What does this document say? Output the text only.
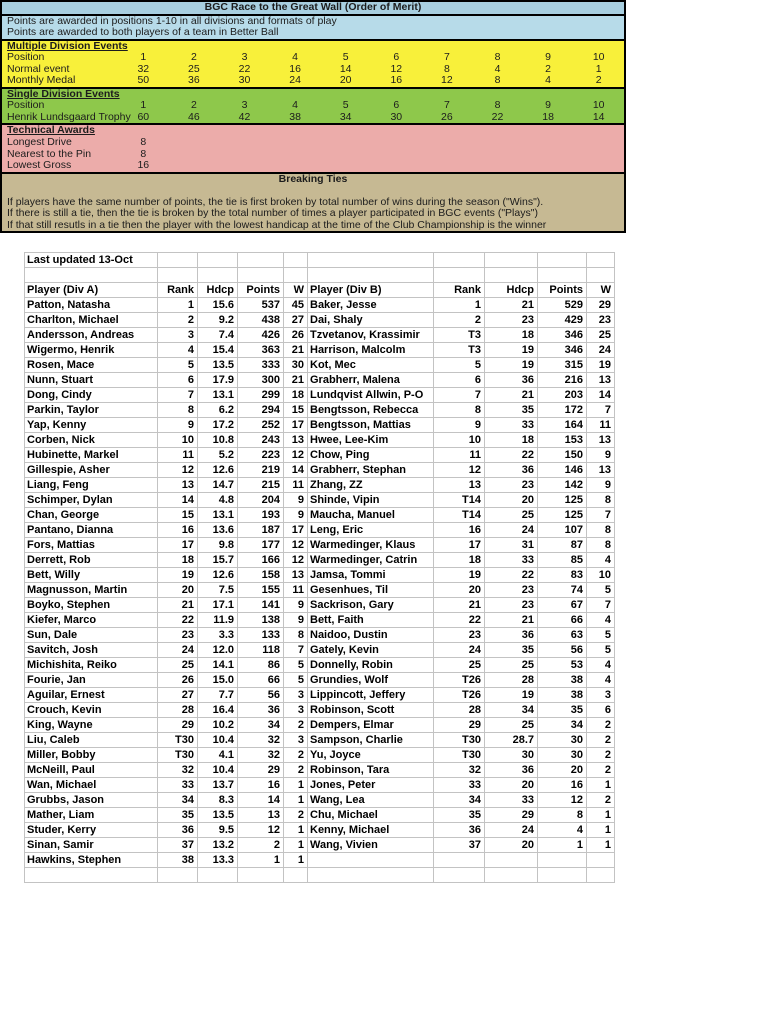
BGC Race to the Great Wall (Order of Merit)
Points are awarded in positions 1-10 in all divisions and formats of play
Points are awarded to both players of a team in Better Ball
Multiple Division Events
Position	1	2	3	4	5	6	7	8	9	10
Normal event	32	25	22	16	14	12	8	4	2	1
Monthly Medal	50	36	30	24	20	16	12	8	4	2
Single Division Events
Position	1	2	3	4	5	6	7	8	9	10
Henrik Lundsgaard Trophy 60	46	42	38	34	30	26	22	18	14
Technical Awards
Longest Drive	8
Nearest to the Pin	8
Lowest Gross	16
Breaking Ties
If players have the same number of points, the tie is first broken by total number of wins during the season ("Wins").
If there is still a tie, then the tie is broken by the total number of times a player participated in BGC events ("Plays")
If that still resutls in a tie then the player with the lowest handicap at the time of the Club Championship is the winner
Last updated 13-Oct									

Player (Div A)	Rank	Hdcp	Points	W	Player (Div B)	Rank	Hdcp	Points	W
Patton, Natasha	1	15.6	537	45	Baker, Jesse	1	21	529	29
Charlton, Michael	2	9.2	438	27	Dai, Shaly	2	23	429	23
Andersson, Andreas	3	7.4	426	26	Tzvetanov, Krassimir	T3	18	346	25
Wigermo, Henrik	4	15.4	363	21	Harrison, Malcolm	T3	19	346	24
Rosen, Mace	5	13.5	333	30	Kot, Mec	5	19	315	19
Nunn, Stuart	6	17.9	300	21	Grabherr, Malena	6	36	216	13
Dong, Cindy	7	13.1	299	18	Lundqvist Allwin, P-O	7	21	203	14
Parkin, Taylor	8	6.2	294	15	Bengtsson, Rebecca	8	35	172	7
Yap, Kenny	9	17.2	252	17	Bengtsson, Mattias	9	33	164	11
Corben, Nick	10	10.8	243	13	Hwee, Lee-Kim	10	18	153	13
Hubinette, Markel	11	5.2	223	12	Chow, Ping	11	22	150	9
Gillespie, Asher	12	12.6	219	14	Grabherr, Stephan	12	36	146	13
Liang, Feng	13	14.7	215	11	Zhang, ZZ	13	23	142	9
Schimper, Dylan	14	4.8	204	9	Shinde, Vipin	T14	20	125	8
Chan, George	15	13.1	193	9	Maucha, Manuel	T14	25	125	7
Pantano, Dianna	16	13.6	187	17	Leng, Eric	16	24	107	8
Fors, Mattias	17	9.8	177	12	Warmedinger, Klaus	17	31	87	8
Derrett, Rob	18	15.7	166	12	Warmedinger, Catrin	18	33	85	4
Bett, Willy	19	12.6	158	13	Jamsa, Tommi	19	22	83	10
Magnusson, Martin	20	7.5	155	11	Gesenhues, Til	20	23	74	5
Boyko, Stephen	21	17.1	141	9	Sackrison, Gary	21	23	67	7
Kiefer, Marco	22	11.9	138	9	Bett, Faith	22	21	66	4
Sun, Dale	23	3.3	133	8	Naidoo, Dustin	23	36	63	5
Savitch, Josh	24	12.0	118	7	Gately, Kevin	24	35	56	5
Michishita, Reiko	25	14.1	86	5	Donnelly, Robin	25	25	53	4
Fourie, Jan	26	15.0	66	5	Grundies, Wolf	T26	28	38	4
Aguilar, Ernest	27	7.7	56	3	Lippincott, Jeffery	T26	19	38	3
Crouch, Kevin	28	16.4	36	3	Robinson, Scott	28	34	35	6
King, Wayne	29	10.2	34	2	Dempers, Elmar	29	25	34	2
Liu, Caleb	T30	10.4	32	3	Sampson, Charlie	T30	28.7	30	2
Miller, Bobby	T30	4.1	32	2	Yu, Joyce	T30	30	30	2
McNeill, Paul	32	10.4	29	2	Robinson, Tara	32	36	20	2
Wan, Michael	33	13.7	16	1	Jones, Peter	33	20	16	1
Grubbs, Jason	34	8.3	14	1	Wang, Lea	34	33	12	2
Mather, Liam	35	13.5	13	2	Chu, Michael	35	29	8	1
Studer, Kerry	36	9.5	12	1	Kenny, Michael	36	24	4	1
Sinan, Samir	37	13.2	2	1	Wang, Vivien	37	20	1	1
Hawkins, Stephen	38	13.3	1	1					
